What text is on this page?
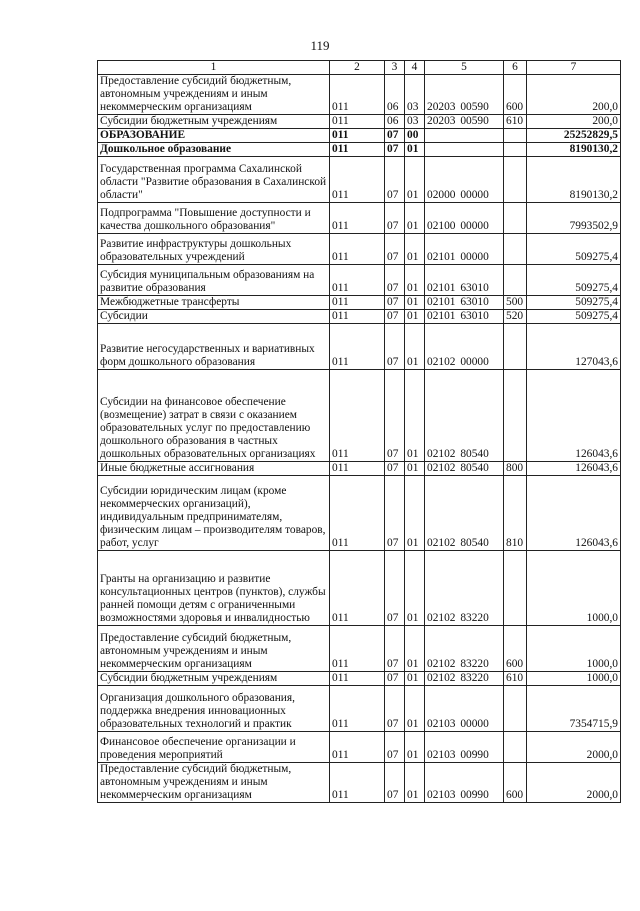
119
1	2	3	4	5	6	7
Предоставление субсидий бюджетным, автономным учреждениям и иным некоммерческим организациям	011	06	03	20203 00590	600	200,0
Субсидии бюджетным учреждениям	011	06	03	20203 00590	610	200,0
ОБРАЗОВАНИЕ	011	07	00			25252829,5
Дошкольное образование	011	07	01			8190130,2
Государственная программа Сахалинской области "Развитие образования в Сахалинской области"	011	07	01	02000 00000		8190130,2
Подпрограмма "Повышение доступности и качества дошкольного образования"	011	07	01	02100 00000		7993502,9
Развитие инфраструктуры дошкольных образовательных учреждений	011	07	01	02101 00000		509275,4
Субсидия муниципальным образованиям на развитие образования	011	07	01	02101 63010		509275,4
Межбюджетные трансферты	011	07	01	02101 63010	500	509275,4
Субсидии	011	07	01	02101 63010	520	509275,4
Развитие негосударственных и вариативных форм дошкольного образования	011	07	01	02102 00000		127043,6
Субсидии на финансовое обеспечение (возмещение) затрат в связи с оказанием образовательных услуг по предоставлению дошкольного образования в частных дошкольных образовательных организациях	011	07	01	02102 80540		126043,6
Иные бюджетные ассигнования	011	07	01	02102 80540	800	126043,6
Субсидии юридическим лицам (кроме некоммерческих организаций), индивидуальным предпринимателям, физическим лицам – производителям товаров, работ, услуг	011	07	01	02102 80540	810	126043,6
Гранты на организацию и развитие консультационных центров (пунктов), службы ранней помощи детям с ограниченными возможностями здоровья и инвалидностью	011	07	01	02102 83220		1000,0
Предоставление субсидий бюджетным, автономным учреждениям и иным некоммерческим организациям	011	07	01	02102 83220	600	1000,0
Субсидии бюджетным учреждениям	011	07	01	02102 83220	610	1000,0
Организация дошкольного образования, поддержка внедрения инновационных образовательных технологий и практик	011	07	01	02103 00000		7354715,9
Финансовое обеспечение организации и проведения мероприятий	011	07	01	02103 00990		2000,0
Предоставление субсидий бюджетным, автономным учреждениям и иным некоммерческим организациям	011	07	01	02103 00990	600	2000,0
